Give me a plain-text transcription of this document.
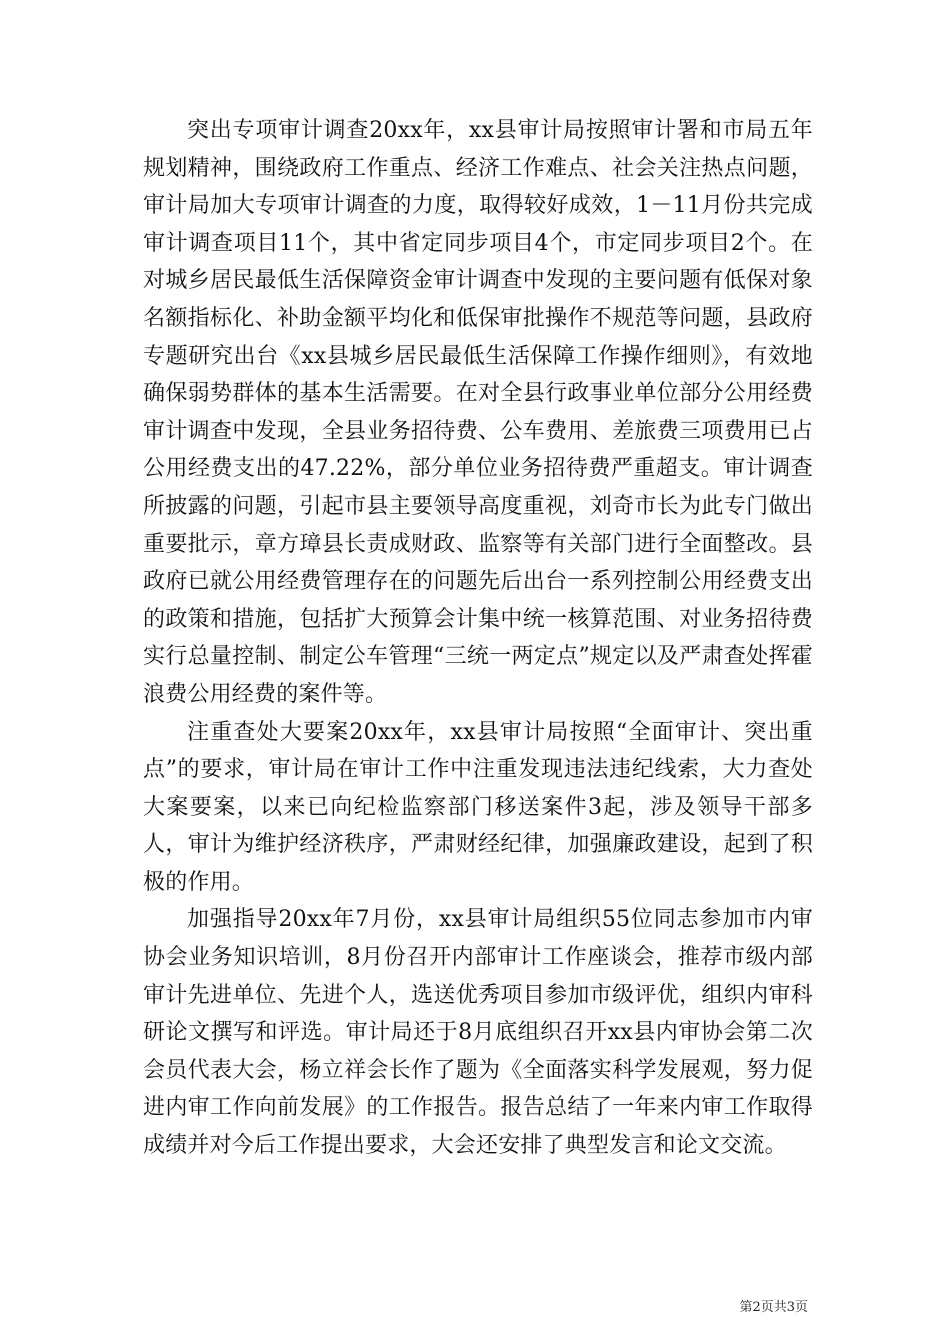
突出专项审计调查20xx年，xx县审计局按照审计署和市局五年规划精神，围绕政府工作重点、经济工作难点、社会关注热点问题，审计局加大专项审计调查的力度，取得较好成效，1－11月份共完成审计调查项目11个，其中省定同步项目4个，市定同步项目2个。在对城乡居民最低生活保障资金审计调查中发现的主要问题有低保对象名额指标化、补助金额平均化和低保审批操作不规范等问题，县政府专题研究出台《xx县城乡居民最低生活保障工作操作细则》，有效地确保弱势群体的基本生活需要。在对全县行政事业单位部分公用经费审计调查中发现，全县业务招待费、公车费用、差旅费三项费用已占公用经费支出的47.22%，部分单位业务招待费严重超支。审计调查所披露的问题，引起市县主要领导高度重视，刘奇市长为此专门做出重要批示，章方璋县长责成财政、监察等有关部门进行全面整改。县政府已就公用经费管理存在的问题先后出台一系列控制公用经费支出的政策和措施，包括扩大预算会计集中统一核算范围、对业务招待费实行总量控制、制定公车管理“三统一两定点”规定以及严肃查处挥霍浪费公用经费的案件等。

注重查处大要案20xx年，xx县审计局按照“全面审计、突出重点”的要求，审计局在审计工作中注重发现违法违纪线索，大力查处大案要案，以来已向纪检监察部门移送案件3起，涉及领导干部多人，审计为维护经济秩序，严肃财经纪律，加强廉政建设，起到了积极的作用。

加强指导20xx年7月份，xx县审计局组织55位同志参加市内审协会业务知识培训，8月份召开内部审计工作座谈会，推荐市级内部审计先进单位、先进个人，选送优秀项目参加市级评优，组织内审科研论文撰写和评选。审计局还于8月底组织召开xx县内审协会第二次会员代表大会，杨立祥会长作了题为《全面落实科学发展观，努力促进内审工作向前发展》的工作报告。报告总结了一年来内审工作取得成绩并对今后工作提出要求，大会还安排了典型发言和论文交流。

第2页共3页
